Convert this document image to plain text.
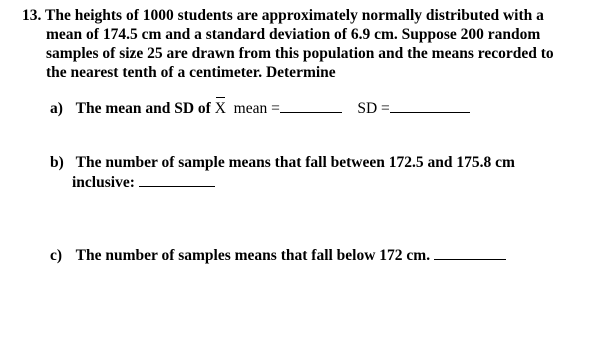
13. The heights of 1000 students are approximately normally distributed with a
mean of 174.5 cm and a standard deviation of 6.9 cm. Suppose 200 random
samples of size 25 are drawn from this population and the means recorded to
the nearest tenth of a centimeter. Determine
a) The mean and SD of X mean =	SD =
b) The number of sample means that fall between 172.5 and 175.8 cm
inclusive:
c) The number of samples means that fall below 172 cm.
